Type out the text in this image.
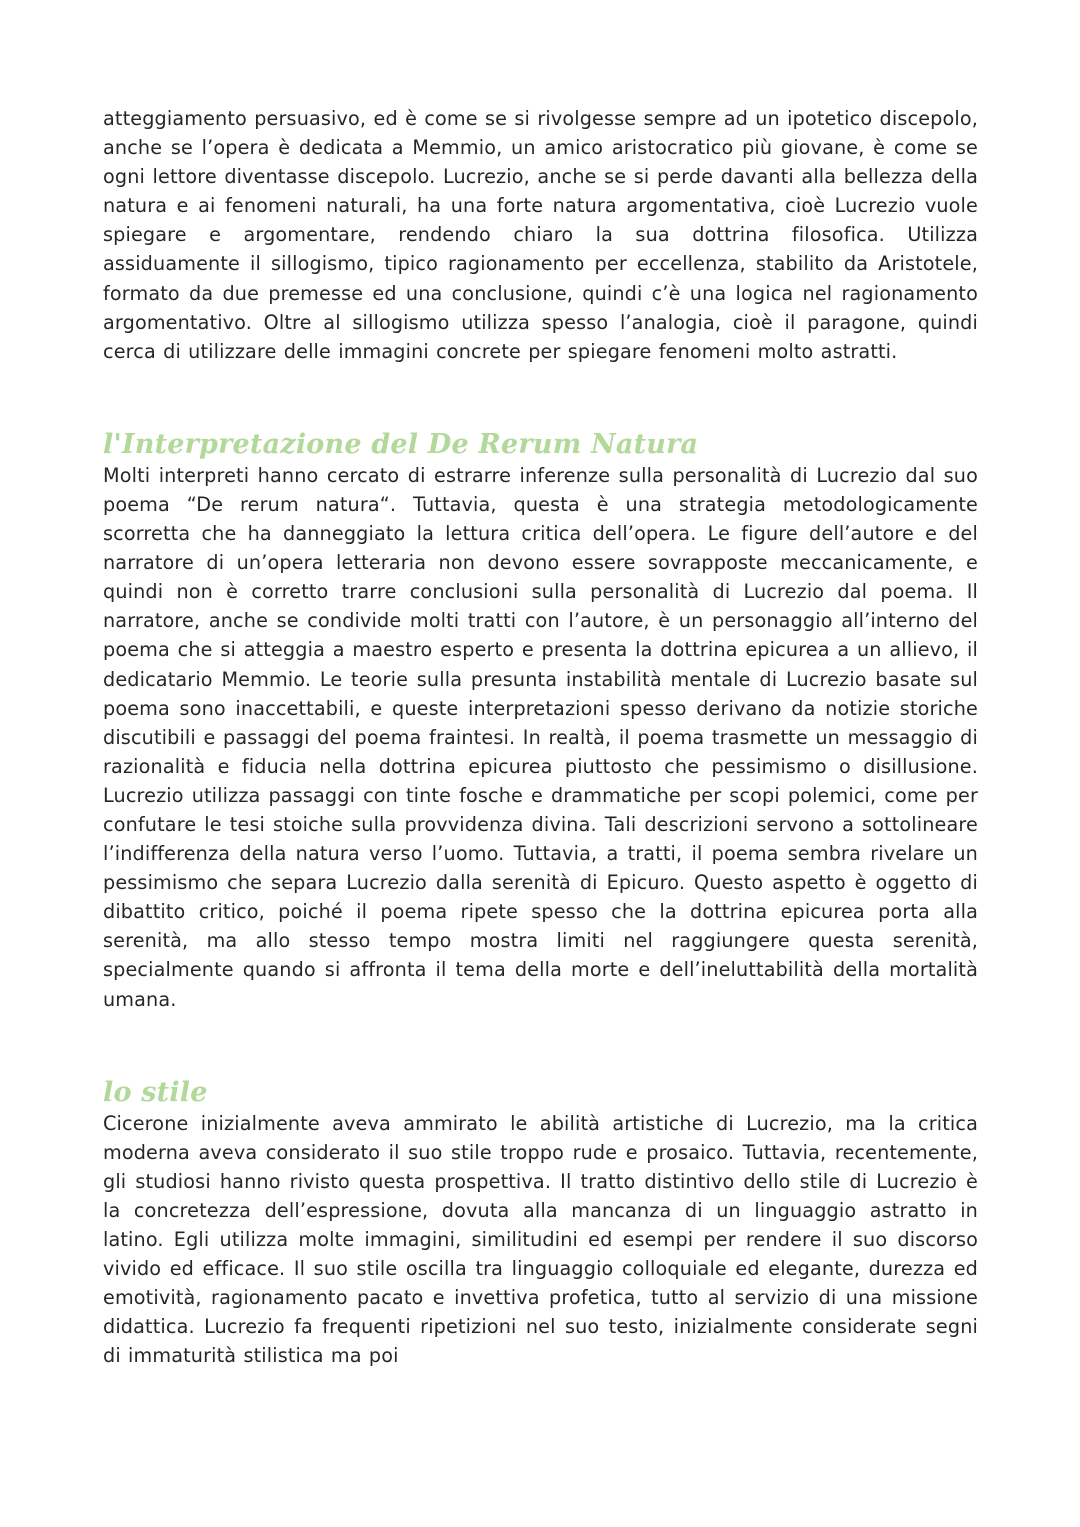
atteggiamento persuasivo, ed è come se si rivolgesse sempre ad un ipotetico discepolo, anche se l’opera è dedicata a Memmio, un amico aristocratico più giovane, è come se ogni lettore diventasse discepolo. Lucrezio, anche se si perde davanti alla bellezza della natura e ai fenomeni naturali, ha una forte natura argomentativa, cioè Lucrezio vuole spiegare e argomentare, rendendo chiaro la sua dottrina filosofica. Utilizza assiduamente il sillogismo, tipico ragionamento per eccellenza, stabilito da Aristotele, formato da due premesse ed una conclusione, quindi c’è una logica nel ragionamento argomentativo. Oltre al sillogismo utilizza spesso l’analogia, cioè il paragone, quindi cerca di utilizzare delle immagini concrete per spiegare fenomeni molto astratti.

l'Interpretazione del De Rerum Natura

Molti interpreti hanno cercato di estrarre inferenze sulla personalità di Lucrezio dal suo poema “De rerum natura“. Tuttavia, questa è una strategia metodologicamente scorretta che ha danneggiato la lettura critica dell’opera. Le figure dell’autore e del narratore di un’opera letteraria non devono essere sovrapposte meccanicamente, e quindi non è corretto trarre conclusioni sulla personalità di Lucrezio dal poema. Il narratore, anche se condivide molti tratti con l’autore, è un personaggio all’interno del poema che si atteggia a maestro esperto e presenta la dottrina epicurea a un allievo, il dedicatario Memmio. Le teorie sulla presunta instabilità mentale di Lucrezio basate sul poema sono inaccettabili, e queste interpretazioni spesso derivano da notizie storiche discutibili e passaggi del poema fraintesi. In realtà, il poema trasmette un messaggio di razionalità e fiducia nella dottrina epicurea piuttosto che pessimismo o disillusione. Lucrezio utilizza passaggi con tinte fosche e drammatiche per scopi polemici, come per confutare le tesi stoiche sulla provvidenza divina. Tali descrizioni servono a sottolineare l’indifferenza della natura verso l’uomo. Tuttavia, a tratti, il poema sembra rivelare un pessimismo che separa Lucrezio dalla serenità di Epicuro. Questo aspetto è oggetto di dibattito critico, poiché il poema ripete spesso che la dottrina epicurea porta alla serenità, ma allo stesso tempo mostra limiti nel raggiungere questa serenità, specialmente quando si affronta il tema della morte e dell’ineluttabilità della mortalità umana.

lo stile

Cicerone inizialmente aveva ammirato le abilità artistiche di Lucrezio, ma la critica moderna aveva considerato il suo stile troppo rude e prosaico. Tuttavia, recentemente, gli studiosi hanno rivisto questa prospettiva. Il tratto distintivo dello stile di Lucrezio è la concretezza dell’espressione, dovuta alla mancanza di un linguaggio astratto in latino. Egli utilizza molte immagini, similitudini ed esempi per rendere il suo discorso vivido ed efficace. Il suo stile oscilla tra linguaggio colloquiale ed elegante, durezza ed emotività, ragionamento pacato e invettiva profetica, tutto al servizio di una missione didattica. Lucrezio fa frequenti ripetizioni nel suo testo, inizialmente considerate segni di immaturità stilistica ma poi
